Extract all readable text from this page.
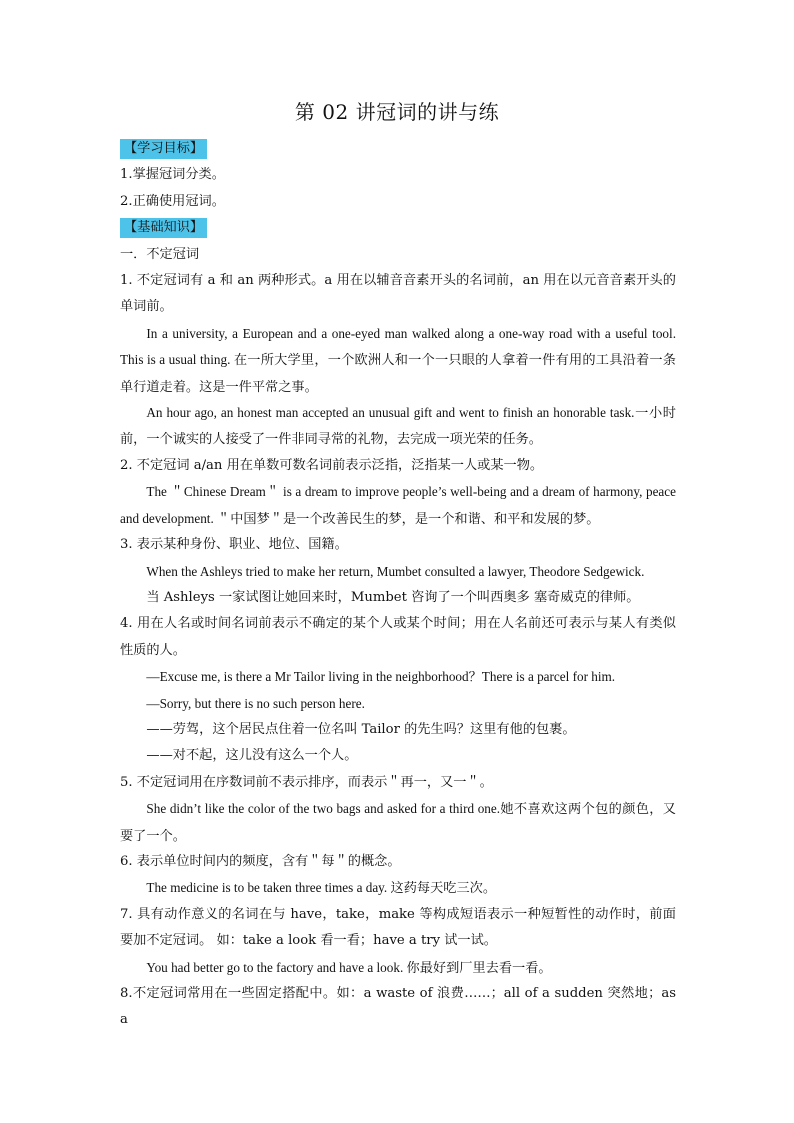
第 02 讲冠词的讲与练
【学习目标】

1.掌握冠词分类。

2.正确使用冠词。

【基础知识】

一．不定冠词

1. 不定冠词有 a 和 an 两种形式。a 用在以辅音音素开头的名词前，an 用在以元音音素开头的单词前。

In a university, a European and a one-eyed man walked along a one-way road with a useful tool. This is a usual thing. 在一所大学里，一个欧洲人和一个一只眼的人拿着一件有用的工具沿着一条单行道走着。这是一件平常之事。

An hour ago, an honest man accepted an unusual gift and went to finish an honorable task.一小时前，一个诚实的人接受了一件非同寻常的礼物，去完成一项光荣的任务。

2. 不定冠词 a/an 用在单数可数名词前表示泛指，泛指某一人或某一物。

The ＂Chinese Dream＂ is a dream to improve people’s well-being and a dream of harmony, peace and development. ＂中国梦＂是一个改善民生的梦，是一个和谐、和平和发展的梦。

3. 表示某种身份、职业、地位、国籍。

When the Ashleys tried to make her return, Mumbet consulted a lawyer, Theodore Sedgewick.

当 Ashleys 一家试图让她回来时，Mumbet 咨询了一个叫西奥多 塞奇威克的律师。

4. 用在人名或时间名词前表示不确定的某个人或某个时间；用在人名前还可表示与某人有类似性质的人。

—Excuse me, is there a Mr Tailor living in the neighborhood？There is a parcel for him.

—Sorry, but there is no such person here.

——劳驾，这个居民点住着一位名叫 Tailor 的先生吗？这里有他的包裹。

——对不起，这儿没有这么一个人。

5. 不定冠词用在序数词前不表示排序，而表示＂再一，又一＂。

She didn’t like the color of the two bags and asked for a third one.她不喜欢这两个包的颜色，又要了一个。

6. 表示单位时间内的频度，含有＂每＂的概念。

The medicine is to be taken three times a day. 这药每天吃三次。

7. 具有动作意义的名词在与 have，take，make 等构成短语表示一种短暂性的动作时，前面要加不定冠词。 如：take a look 看一看；have a try 试一试。

You had better go to the factory and have a look. 你最好到厂里去看一看。

8.不定冠词常用在一些固定搭配中。如：a waste of 浪费……；all of a sudden 突然地；as a
